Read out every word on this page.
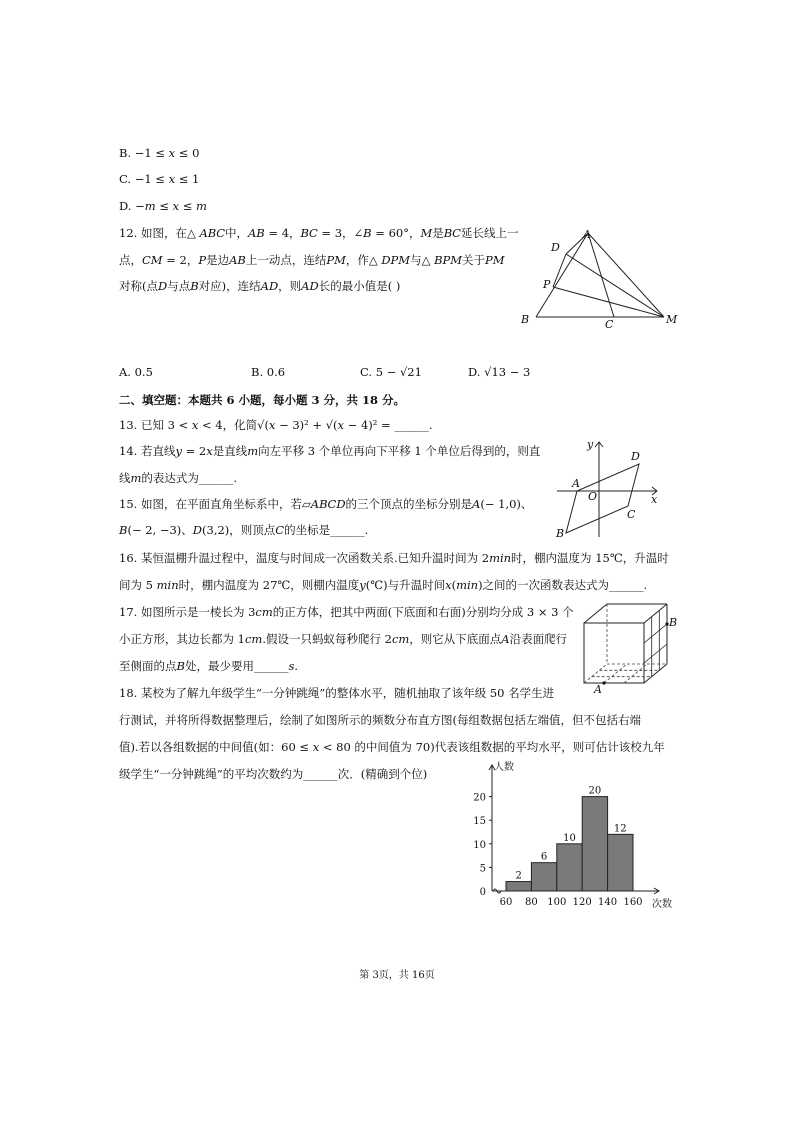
B. −1 ≤ 𝑥 ≤ 0
C. −1 ≤ 𝑥 ≤ 1
D. −𝑚 ≤ 𝑥 ≤ 𝑚
12. 如图，在△ 𝐴𝐵𝐶中，𝐴𝐵 = 4，𝐵𝐶 = 3，∠𝐵 = 60°，𝑀是𝐵𝐶延长线上一
点，𝐶𝑀 = 2，𝑃是边𝐴𝐵上一动点，连结𝑃𝑀，作△ 𝐷𝑃𝑀与△ 𝐵𝑃𝑀关于𝑃𝑀
对称(点𝐷与点𝐵对应)，连结𝐴𝐷，则𝐴𝐷长的最小值是( )
A
D
P
B	C	M
A. 0.5	B. 0.6	C. 5 − √21	D. √13 − 3
二、填空题：本题共 6 小题，每小题 3 分，共 18 分。
13. 已知 3 < 𝑥 < 4，化简√(𝑥 − 3)² + √(𝑥 − 4)² = ______.
14. 若直线𝑦 = 2𝑥是直线𝑚向左平移 3 个单位再向下平移 1 个单位后得到的，则直
线𝑚的表达式为______.
15. 如图，在平面直角坐标系中，若▱𝐴𝐵𝐶𝐷的三个顶点的坐标分别是𝐴(− 1,0)、
𝐵(− 2, −3)、𝐷(3,2)，则顶点𝐶的坐标是______.
y
D
A
O	x
C
B
16. 某恒温棚升温过程中，温度与时间成一次函数关系.已知升温时间为 2𝑚𝑖𝑛时，棚内温度为 15℃，升温时
间为 5 𝑚𝑖𝑛时，棚内温度为 27℃，则棚内温度𝑦(℃)与升温时间𝑥(𝑚𝑖𝑛)之间的一次函数表达式为______.
17. 如图所示是一棱长为 3𝑐𝑚的正方体，把其中两面(下底面和右面)分别均分成 3 × 3 个
小正方形，其边长都为 1𝑐𝑚.假设一只蚂蚁每秒爬行 2𝑐𝑚，则它从下底面点𝐴沿表面爬行
至侧面的点𝐵处，最少要用______𝑠.
B
A
18. 某校为了解九年级学生“一分钟跳绳”的整体水平，随机抽取了该年级 50 名学生进
行测试，并将所得数据整理后，绘制了如图所示的频数分布直方图(每组数据包括左端值，但不包括右端
值).若以各组数据的中间值(如：60 ≤ 𝑥 < 80 的中间值为 70)代表该组数据的平均水平，则可估计该校九年
级学生“一分钟跳绳”的平均次数约为______次．(精确到个位)
0
5
10
15
20
2
6
10
20
12
60 80 100 120 140 160
人数
次数
第 3页，共 16页
